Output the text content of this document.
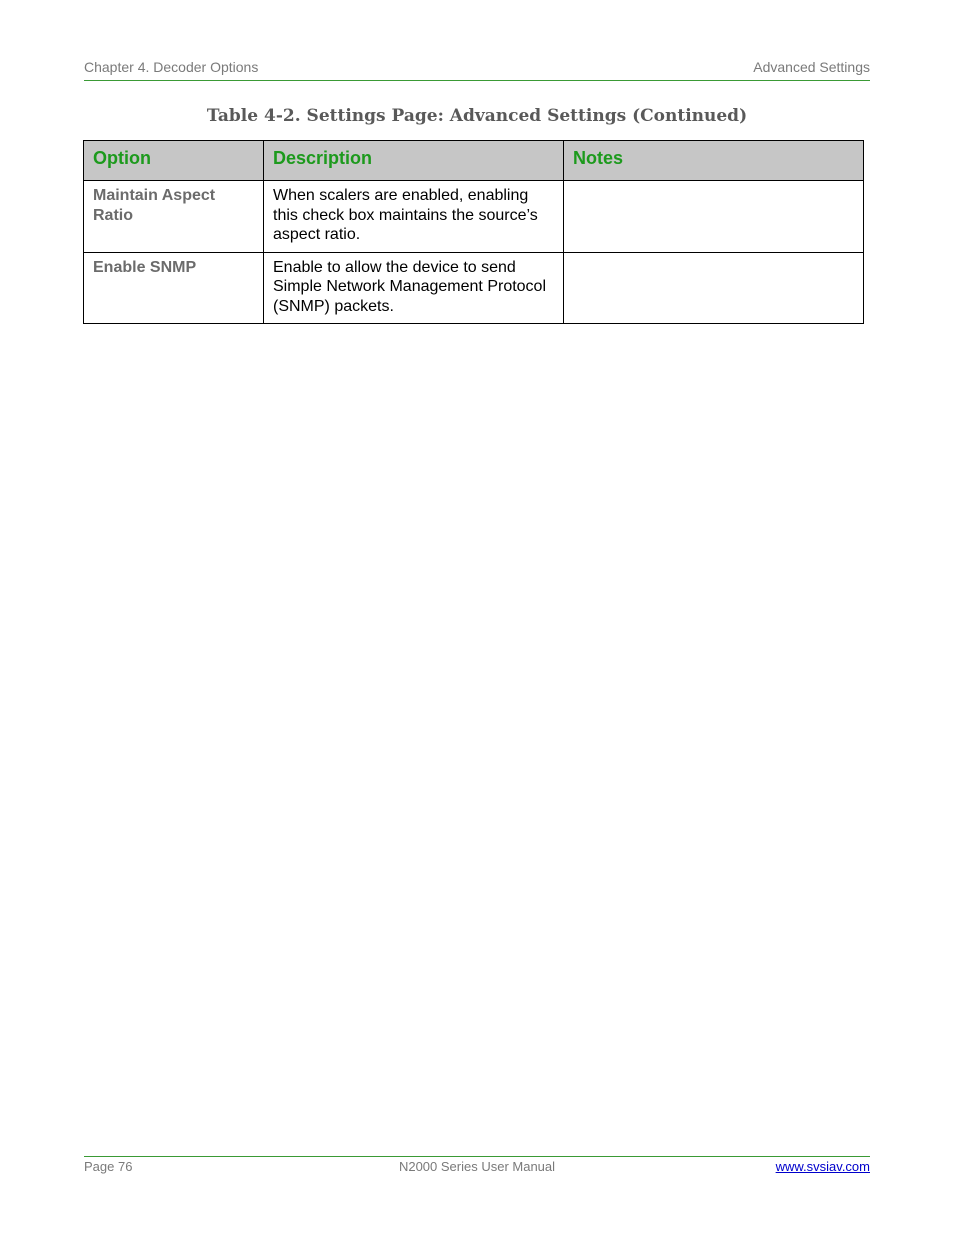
Chapter 4. Decoder Options	Advanced Settings
Table 4-2. Settings Page: Advanced Settings (Continued)
Option	Description	Notes
Maintain Aspect Ratio	When scalers are enabled, enabling this check box maintains the source’s aspect ratio.	
Enable SNMP	Enable to allow the device to send Simple Network Management Protocol (SNMP) packets.	
Page 76	N2000 Series User Manual	www.svsiav.com
